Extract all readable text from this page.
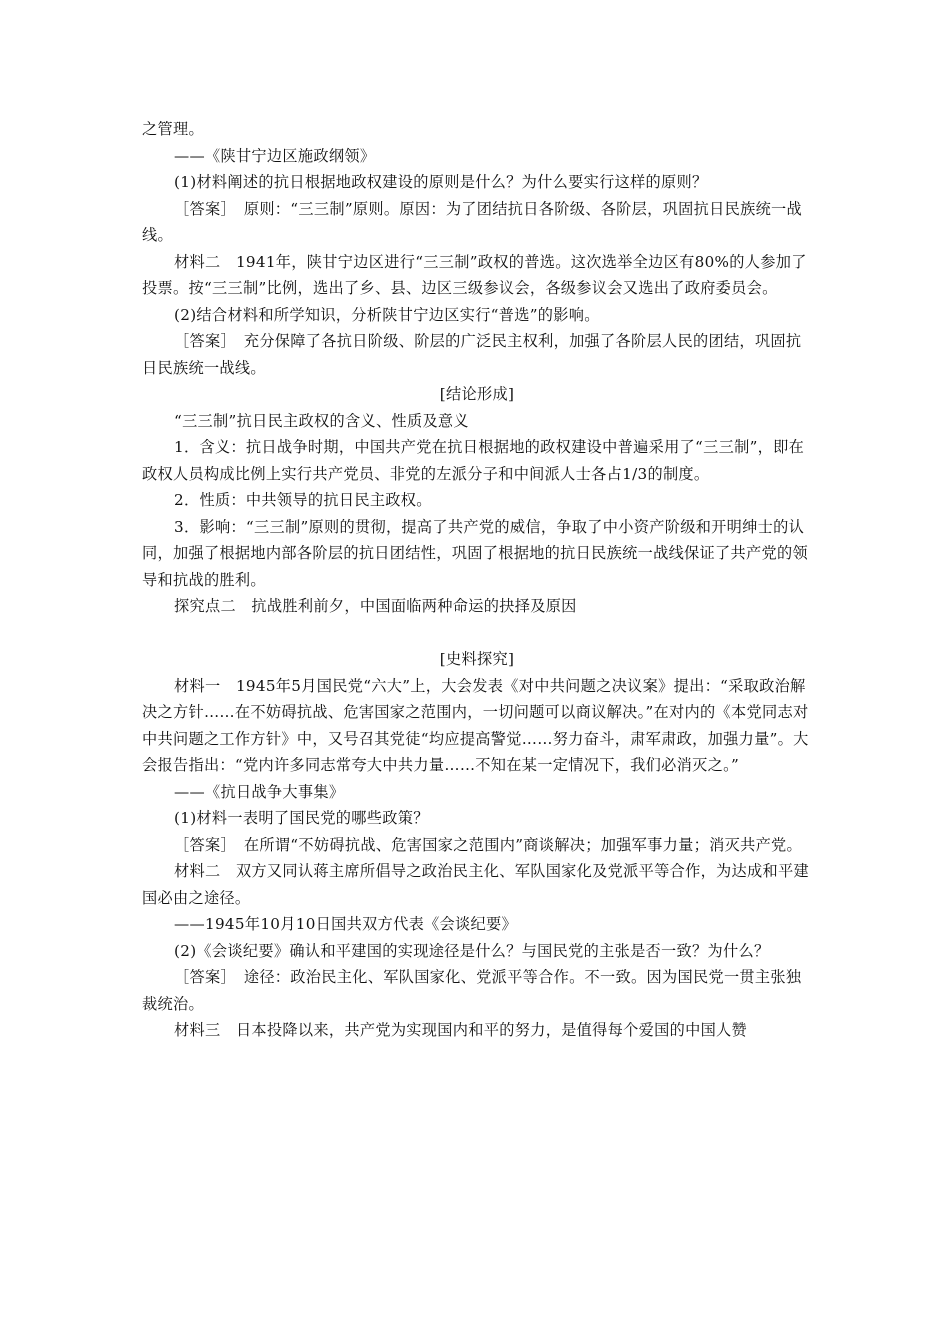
之管理。

——《陕甘宁边区施政纲领》

(1)材料阐述的抗日根据地政权建设的原则是什么？为什么要实行这样的原则？

［答案］　原则：“三三制”原则。原因：为了团结抗日各阶级、各阶层，巩固抗日民族统一战线。

材料二　1941年，陕甘宁边区进行“三三制”政权的普选。这次选举全边区有80%的人参加了投票。按“三三制”比例，选出了乡、县、边区三级参议会，各级参议会又选出了政府委员会。

(2)结合材料和所学知识，分析陕甘宁边区实行“普选”的影响。

［答案］　充分保障了各抗日阶级、阶层的广泛民主权利，加强了各阶层人民的团结，巩固抗日民族统一战线。

[结论形成]

“三三制”抗日民主政权的含义、性质及意义

1．含义：抗日战争时期，中国共产党在抗日根据地的政权建设中普遍采用了“三三制”，即在政权人员构成比例上实行共产党员、非党的左派分子和中间派人士各占1/3的制度。

2．性质：中共领导的抗日民主政权。

3．影响：“三三制”原则的贯彻，提高了共产党的威信，争取了中小资产阶级和开明绅士的认同，加强了根据地内部各阶层的抗日团结性，巩固了根据地的抗日民族统一战线保证了共产党的领导和抗战的胜利。

探究点二　抗战胜利前夕，中国面临两种命运的抉择及原因

[史料探究]

材料一　1945年5月国民党“六大”上，大会发表《对中共问题之决议案》提出：“采取政治解决之方针……在不妨碍抗战、危害国家之范围内，一切问题可以商议解决。”在对内的《本党同志对中共问题之工作方针》中，又号召其党徒“均应提高警觉……努力奋斗，肃军肃政，加强力量”。大会报告指出：“党内许多同志常夸大中共力量……不知在某一定情况下，我们必消灭之。”

——《抗日战争大事集》

(1)材料一表明了国民党的哪些政策？

［答案］　在所谓“不妨碍抗战、危害国家之范围内”商谈解决；加强军事力量；消灭共产党。

材料二　双方又同认蒋主席所倡导之政治民主化、军队国家化及党派平等合作，为达成和平建国必由之途径。

——1945年10月10日国共双方代表《会谈纪要》

(2)《会谈纪要》确认和平建国的实现途径是什么？与国民党的主张是否一致？为什么？

［答案］　途径：政治民主化、军队国家化、党派平等合作。不一致。因为国民党一贯主张独裁统治。

材料三　日本投降以来，共产党为实现国内和平的努力，是值得每个爱国的中国人赞
